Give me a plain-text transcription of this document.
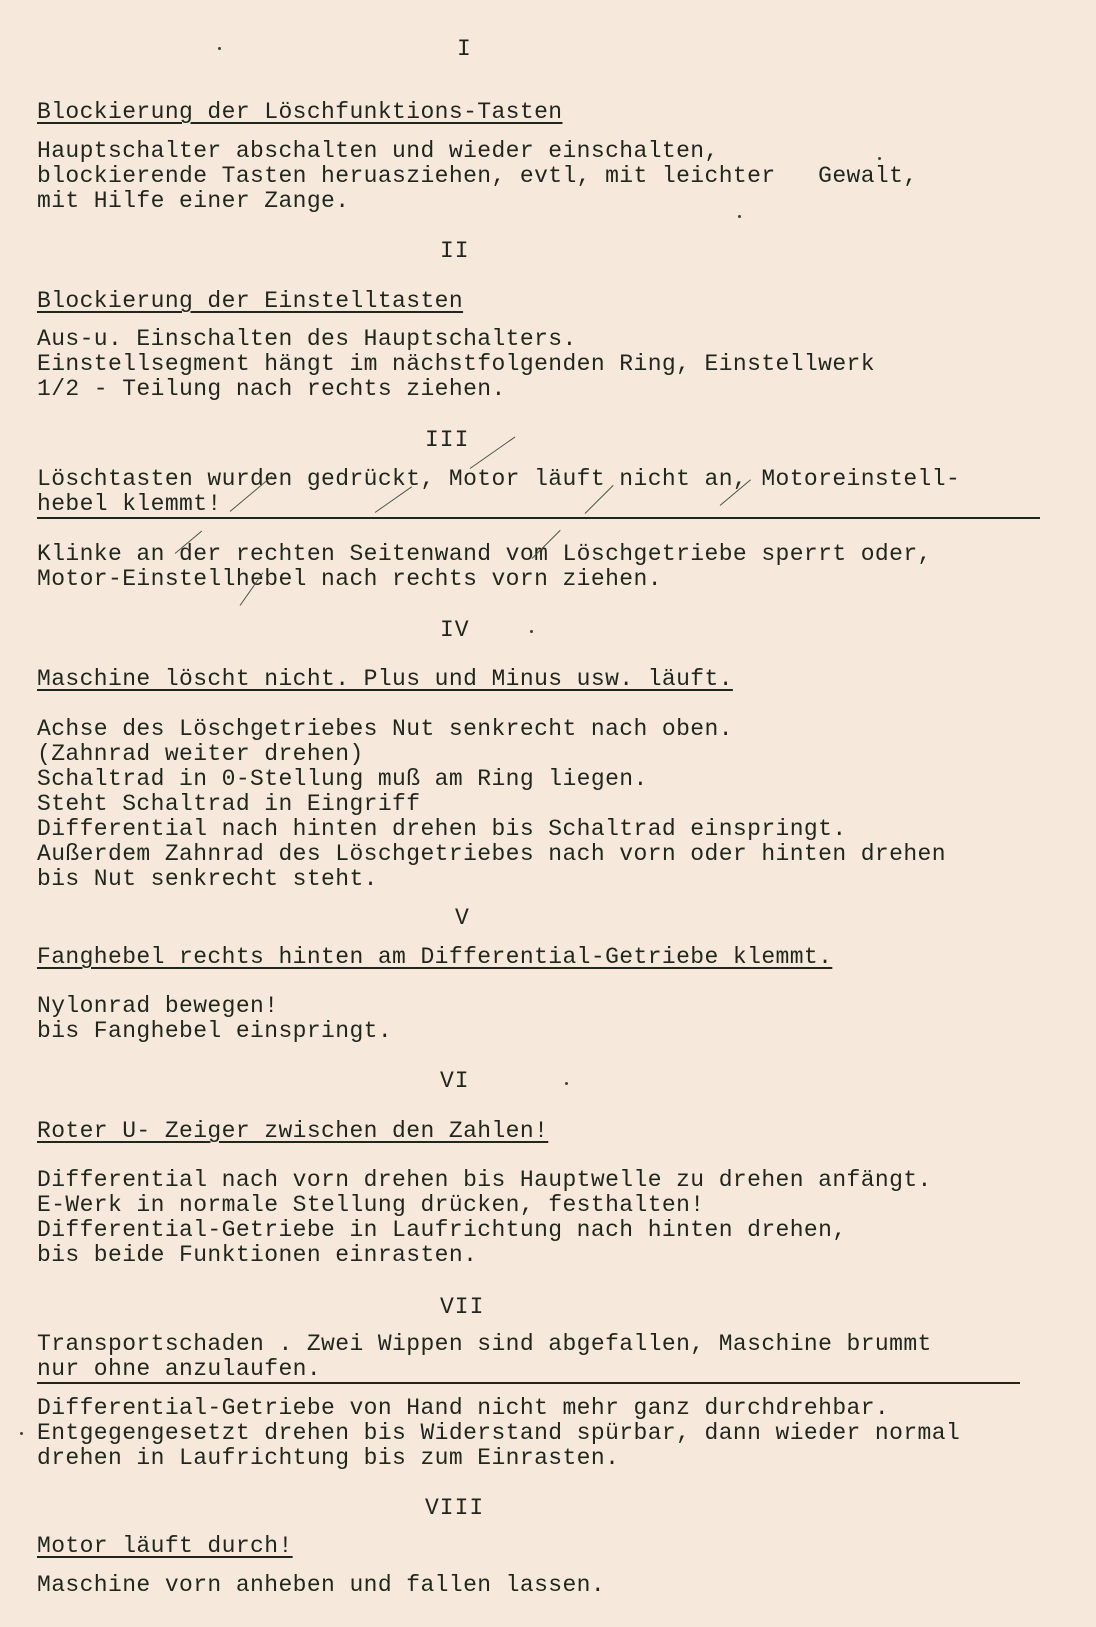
I
Blockierung der Löschfunktions-Tasten
Hauptschalter abschalten und wieder einschalten,
blockierende Tasten heruasziehen, evtl, mit leichter   Gewalt,
mit Hilfe einer Zange.
II
Blockierung der Einstelltasten
Aus-u. Einschalten des Hauptschalters.
Einstellsegment hängt im nächstfolgenden Ring, Einstellwerk
1/2 - Teilung nach rechts ziehen.
III
Löschtasten wurden gedrückt, Motor läuft nicht an, Motoreinstell-
hebel klemmt!
Klinke an der rechten Seitenwand vom Löschgetriebe sperrt oder,
Motor-Einstellhebel nach rechts vorn ziehen.
IV
Maschine löscht nicht. Plus und Minus usw. läuft.
Achse des Löschgetriebes Nut senkrecht nach oben.
(Zahnrad weiter drehen)
Schaltrad in 0-Stellung muß am Ring liegen.
Steht Schaltrad in Eingriff
Differential nach hinten drehen bis Schaltrad einspringt.
Außerdem Zahnrad des Löschgetriebes nach vorn oder hinten drehen
bis Nut senkrecht steht.
V
Fanghebel rechts hinten am Differential-Getriebe klemmt.
Nylonrad bewegen!
bis Fanghebel einspringt.
VI
Roter U- Zeiger zwischen den Zahlen!
Differential nach vorn drehen bis Hauptwelle zu drehen anfängt.
E-Werk in normale Stellung drücken, festhalten!
Differential-Getriebe in Laufrichtung nach hinten drehen,
bis beide Funktionen einrasten.
VII
Transportschaden . Zwei Wippen sind abgefallen, Maschine brummt
nur ohne anzulaufen.
Differential-Getriebe von Hand nicht mehr ganz durchdrehbar.
Entgegengesetzt drehen bis Widerstand spürbar, dann wieder normal
drehen in Laufrichtung bis zum Einrasten.
VIII
Motor läuft durch!
Maschine vorn anheben und fallen lassen.
